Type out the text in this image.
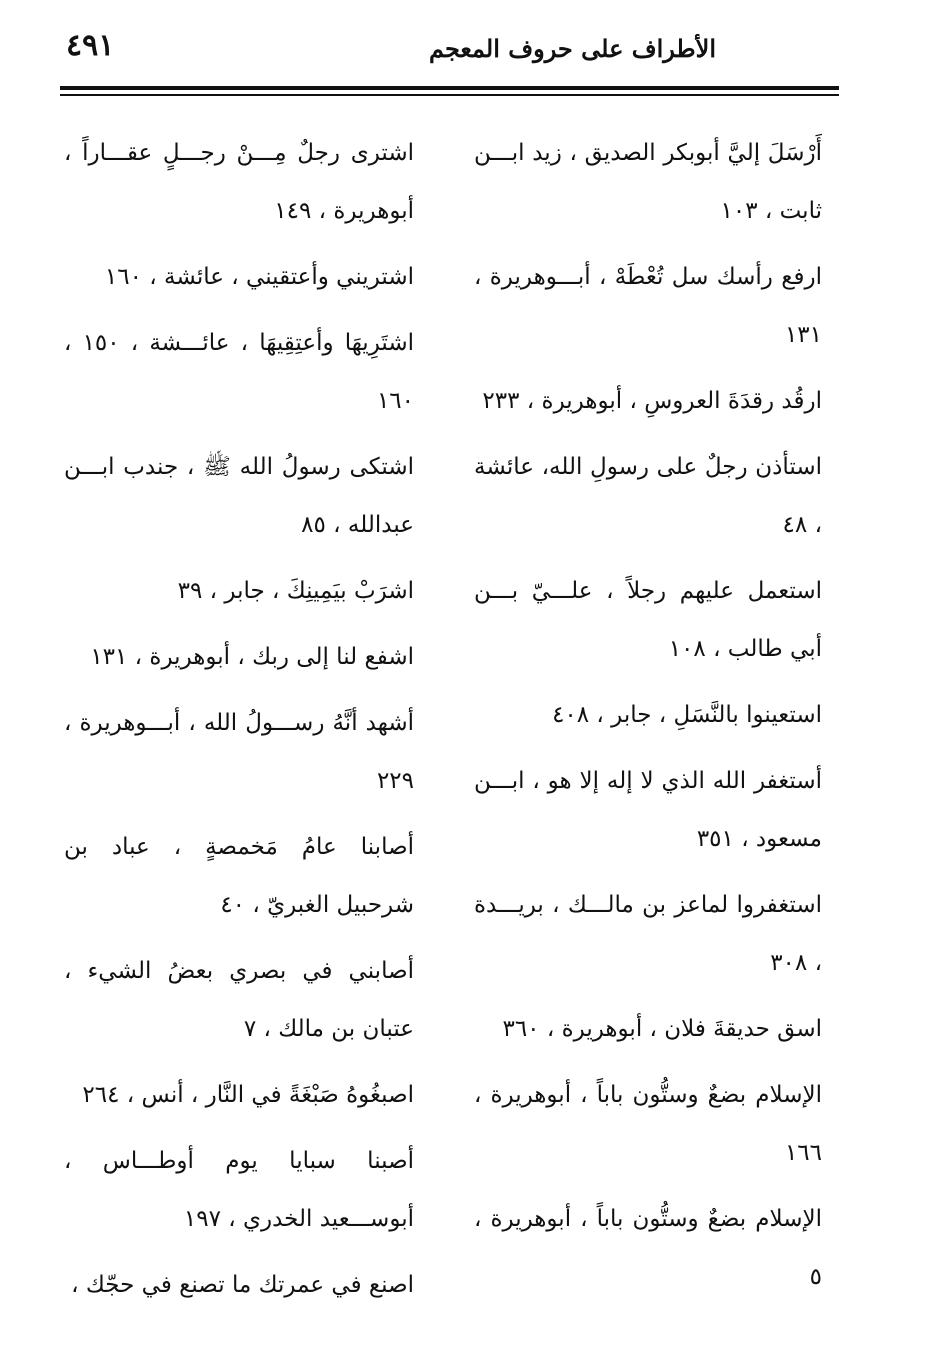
٤٩١	الأطراف على حروف المعجم

أَرْسَلَ إليَّ أبوبكر الصديق ، زيد ابـــن ثابت ، ١٠٣

ارفع رأسك سل تُعْطَهْ ، أبـــوهريرة ، ١٣١

ارقُد رقدَةَ العروسِ ، أبوهريرة ، ٢٣٣

استأذن رجلٌ على رسولِ الله، عائشة ، ٤٨

استعمل عليهم رجلاً ، علـــيّ بـــن أبي طالب ، ١٠٨

استعينوا بالنَّسَلِ ، جابر ، ٤٠٨

أستغفر الله الذي لا إله إلا هو ، ابـــن مسعود ، ٣٥١

استغفروا لماعز بن مالـــك ، بريـــدة ، ٣٠٨

اسق حديقةَ فلان ، أبوهريرة ، ٣٦٠

الإسلام بضعٌ وستُّون باباً ، أبوهريرة ، ١٦٦

الإسلام بضعٌ وستُّون باباً ، أبوهريرة ، ٥

اشترى رجلٌ مِـــنْ رجـــلٍ عقـــاراً ، أبوهريرة ، ١٤٩

اشتريني وأعتقيني ، عائشة ، ١٦٠

اشتَرِيهَا وأعتِقِيهَا ، عائـــشة ، ١٥٠ ، ١٦٠

اشتكى رسولُ الله ﷺ ، جندب ابـــن عبدالله ، ٨٥

اشرَبْ بيَمِينِكَ ، جابر ، ٣٩

اشفع لنا إلى ربك ، أبوهريرة ، ١٣١

أشهد أنَّهُ رســـولُ الله ، أبـــوهريرة ، ٢٢٩

أصابنا عامُ مَخمصةٍ ، عباد بن شرحبيل الغبريّ ، ٤٠

أصابني في بصري بعضُ الشيء ، عتبان بن مالك ، ٧

اصبغُوهُ صَبْغَةً في النَّار ، أنس ، ٢٦٤

أصبنا سبايا يوم أوطـــاس ، أبوســـعيد الخدري ، ١٩٧

اصنع في عمرتك ما تصنع في حجّك ،
